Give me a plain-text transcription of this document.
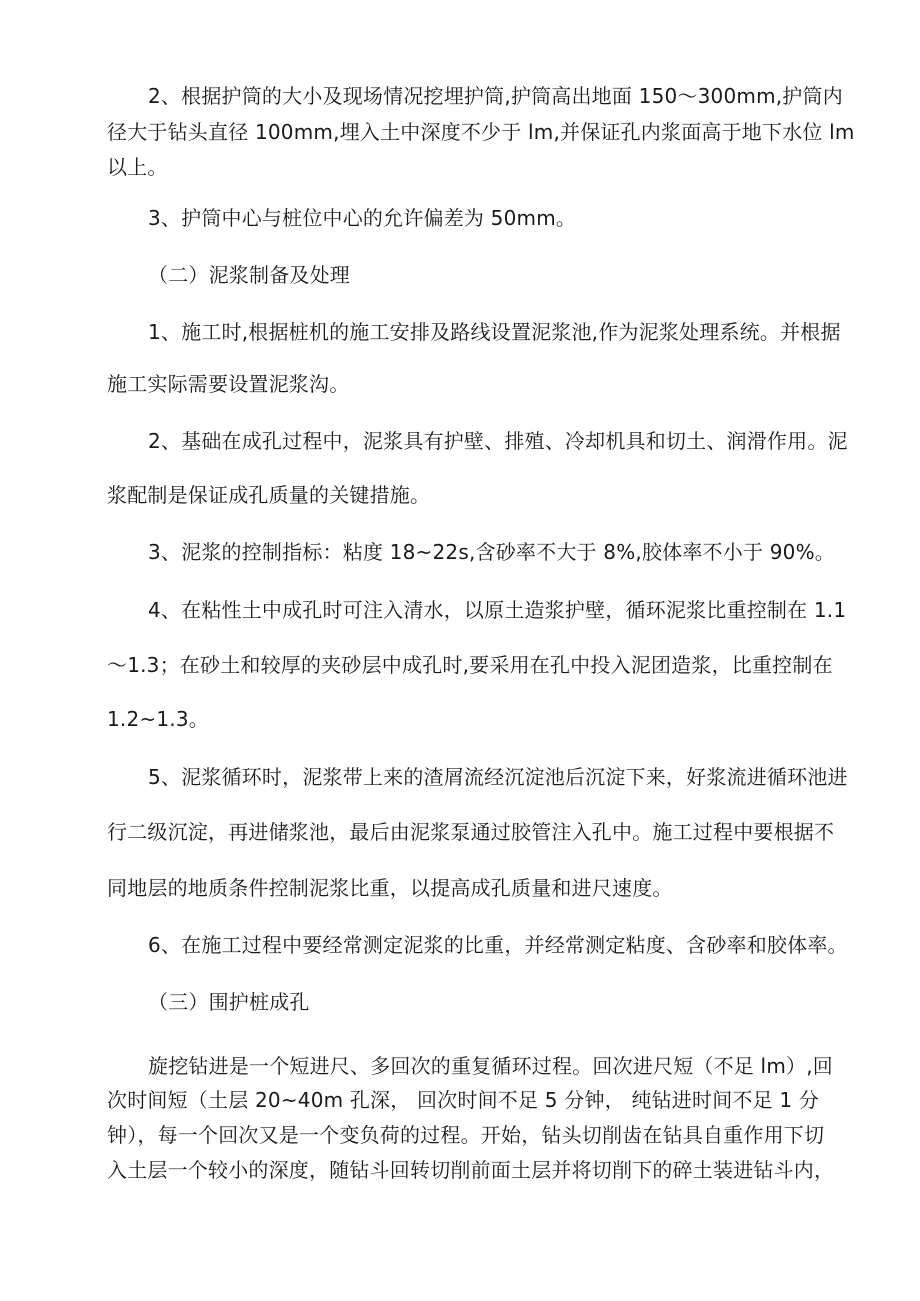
2、根据护筒的大小及现场情况挖埋护筒,护筒高出地面 150～300mm,护筒内

径大于钻头直径 100mm,埋入土中深度不少于 lm,并保证孔内浆面高于地下水位 lm

以上。

3、护筒中心与桩位中心的允许偏差为 50mm。

（二）泥浆制备及处理

1、施工时,根据桩机的施工安排及路线设置泥浆池,作为泥浆处理系统。并根据

施工实际需要设置泥浆沟。

2、基础在成孔过程中，泥浆具有护壁、排殖、冷却机具和切土、润滑作用。泥

浆配制是保证成孔质量的关键措施。

3、泥浆的控制指标：粘度 18~22s,含砂率不大于 8%,胶体率不小于 90%。

4、在粘性土中成孔时可注入清水，以原土造浆护壁，循环泥浆比重控制在 1.1

～1.3；在砂土和较厚的夹砂层中成孔时,要采用在孔中投入泥团造浆，比重控制在

1.2~1.3。

5、泥浆循环时，泥浆带上来的渣屑流经沉淀池后沉淀下来，好浆流进循环池进

行二级沉淀，再进储浆池，最后由泥浆泵通过胶管注入孔中。施工过程中要根据不

同地层的地质条件控制泥浆比重，以提高成孔质量和进尺速度。

6、在施工过程中要经常测定泥浆的比重，并经常测定粘度、含砂率和胶体率。

（三）围护桩成孔

旋挖钻进是一个短进尺、多回次的重复循环过程。回次进尺短（不足 lm）,回

次时间短（土层 20~40m 孔深， 回次时间不足 5 分钟， 纯钻进时间不足 1 分

钟），每一个回次又是一个变负荷的过程。开始，钻头切削齿在钻具自重作用下切

入土层一个较小的深度，随钻斗回转切削前面土层并将切削下的碎土装进钻斗内，
